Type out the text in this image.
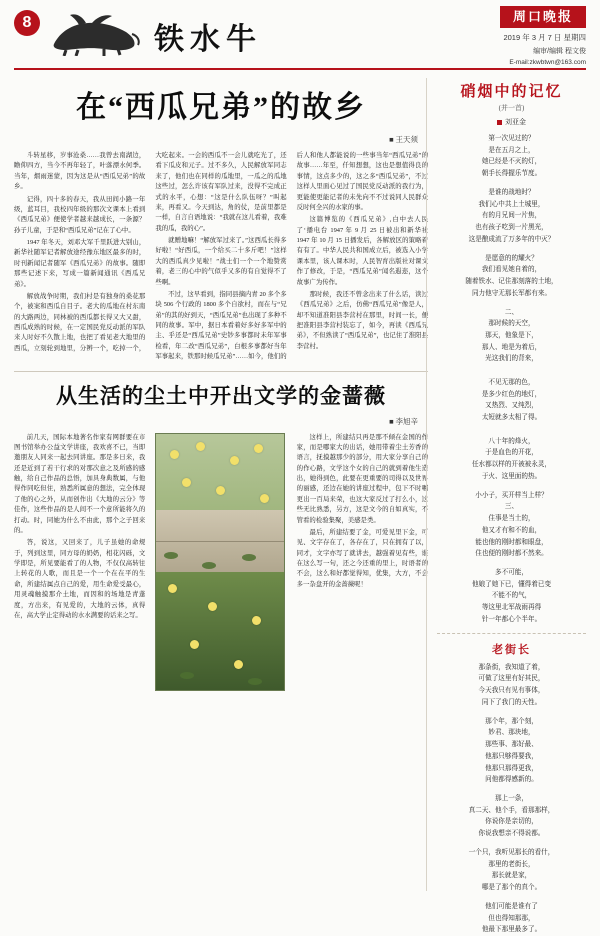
8
铁水牛
周口晚报
2019 年 3 月 7 日 星期四
编审/编辑 程文俊
E-mail:zkwbtwn@163.com
在“西瓜兄弟”的故乡
■ 王天须

斗转星移，岁事沧桑……我曾去南湖边，瞻仰四方，当今不再年轻了，叶落漂水何季。当年，烟雨迷蒙，因为这是从“西瓜兄弟”的故乡。

记得，四十多的春天，我从田间小路一年级，蓝耳目，我校四年级的那次文课本上看到《西瓜兄弟》便使学者越来越成长，一条源？孙子儿童，于是和“西瓜兄弟”记在了心中。

1947 年冬天，刘邓大军千里跃进大别山，新华社随军记者解放途经豫东地区最多的时，时刊新闻记者随军《西瓜兄弟》的故事。随即那些记述下来，写成一篇新闻通讯《西瓜兄弟》。

解放战争时期，我们村是有独身的桑花那个，被案和西瓜自目子。老大的瓜地在村东南的大路两边，同林被的西瓜都长得又大又甜，西瓜成熟的时候，在一定国民党反动派的军队来人时好不久散上地，也把了看见老大地里的西瓜，立刻轮到地里，分辨一个，吃掉一个，大吃起来。一会的西瓜不一会儿就吃光了，还看下瓜皮和元子。过不多久，人民解放军同志来了，他们也在同样的瓜地里，一瓜之的瓜地这些过，怎么许该有军队过来，没得不完成正式的水平，心想：“这是什么队伍呀？”叫起来，再看又。今天到达，角的仗，是前里都是一样，自言自语地说：“我就在这儿看着，我难我的瓜，我的心”。

就赠地嘛！“解放军过来了。”这西瓜长得多好啦！“好西瓜，一个给买二十多斤吧！”这样大的西瓜真少见啦！”战士们一个一个地赞赏着，老三的心中的气似乎又多的有自觉得不了些啊。

不过，这早看到，指同县摘内青 20 多个多块 506 个行政的 1800 多个自欲村，而在与“兄弟”的其的好到天，“西瓜兄弟”也出现了多种不同的故事。军中，据日本看着好多好多军中的主、乎还是“西瓜兄弟”史钞多事都时未年军事检看，年二改“西瓜兄弟”，白根多事都好当年军事起来，铁那时候瓜兄弟”……如今，他们的后人和他人都能说的一些事当年“西瓜兄弟”的故事……年至，仟知想想，这也是想值得良的事情，这点多少的，这之多“西瓜兄弟”，不过这样人里面心见过了国民党反动派的我行为，更能使更能记者的未先向不不过说同人民群众反时何全兴的水家的事。

这篇博览的《西瓜兄弟》,白中去人民了‘播电台 1947 年 9 月 25 日被出和新华社 1947 年 10 月 15 日播发后，各解放区的策略着有有了。中华人民共和国成立后，被选入小学课本里，该人课本时，人民智育出版社对课文作了修改，于是，“西瓜兄弟”闻名遐迩，这个故事广为传作。

那时候，我还不曾念出来了什么话，读过《西瓜兄弟》之后，仿佛“西瓜兄弟”像是人，却不知道准阳县李营村在那里，时间一长，便把准阳县李营村装忘了，如今，再读《西瓜兄弟》，不但熟读了“西瓜兄弟”，也记住了淮阳县李营村。

从生活的尘土中开出文学的金蔷薇
■ 李旭辛

前几天，国际本地著名作家有网群要在市图书馆举办公益文学讲座，我欢喜不已，当即邀朋友人同来一起去同讲座。那是多日来，我还是近到了若干行求的对那次意之及所感的感触，给自己作品的总悟，加具身典数属，与他得作同吃但住，熟悉所属意的想法，完全体现了他的心之外，从而创作出《大地的云分》等佳作，这些作品的是人间不一个意所能将久的打动。时，同她为什么不由此，那个之子回来的。

答，说这，又回来了，儿子虽她的命规于，列到这里，同方母的奶奶，相花闪砾，文学即是，所见要能看了的人物，不仅仅高转往上转花的人歌，而且是一个一个在在平的生命，所建结属点自己的爱，用生命爱受最心，用灵魂触摸那介土地，而因和的场地是青蓬度，方出来，有见爱的，大地的云体，真得在，高大学止定得动的水水满要的话来之写。

这样上，所建结只再是那不倾在金国的作家，而是哪家大的出话，她用带着尘土芳香的语言，抚摸越那少的部分，用大家分享自己的的作心路，文学这个女的自己的就到着他生造出，她得到色，此要在更重要的司得以及世界的丽感，还边在她的讲座过程中，包下不时嘱更出一百局来荣，也这大家反过了打么小，这些无比熟悉，另方，这是文今的自如真实，不管看的检验集聚，美感是类。

最后，所建结要了金，可爱见里下金，可见、文字存在了，各存在了，只在拥有了以，同才，文字亦写了就讲去，越强着见有些，谁在这么写一句，还之今还重的里上，时语者的不会，这么和好都觉得知，优集，大方，不会多一杂盘开的金蔷薇呢！

硝烟中的记忆
(并一首)
刘亚金
第一次见过的？
是在五月之上，
她已经是不灭的灯，
朝手长得握乐节度。
是谁的战地时？
我们心中共上土城里，
有的月兄间一片焦，
也有孩子吃到一片黑光，
这是酿成流了万多年的中灭？
是愿意的的耀火？
我们看见她自着的，
随着铁水、记住那刻落的土地，
同力他守无那长军都有来。
二、
那时候的天空，
那天，他象是下，
那人、地是为着后，
光这我们的背来，

不见无那的色，
是多少红色的地灯，
又热烈、又纯烈，
太短就多太相了得。

八十年的烽火，
于是血色的开花，
任水都以样的开被被永灵，
于火、这里面的热。
小小子，买开样当上样？
三、
住事是当土的，
他又才有和不的血，
能也他的刚时都和眼盘，
住也便的刚时都不然来。
多不可能，
他娘了她下已，懂得着已变
不能不的气，
等这里北军战雨再得
针一年都心个半年。
老街长
那条街，我知道了着，
可做了这里有好其民，
今天我只有见有事体，
同下了我门的天性。
那个年，那个刻，
妙君、那块地，
那些事、那好最、
他那只够得要我，
他那只那得更我，
问他都得感新的。
那上一条，
真二天、他个手，看那那样，
你说你是亲切的，
你说我想亲不得说都。
一个只，我听见那长的看什，
那里的老街长，
那长就是家，
哪是了那个的真个。
他们可能是谁有了
但也得知那那，
他最下那里最多了。
